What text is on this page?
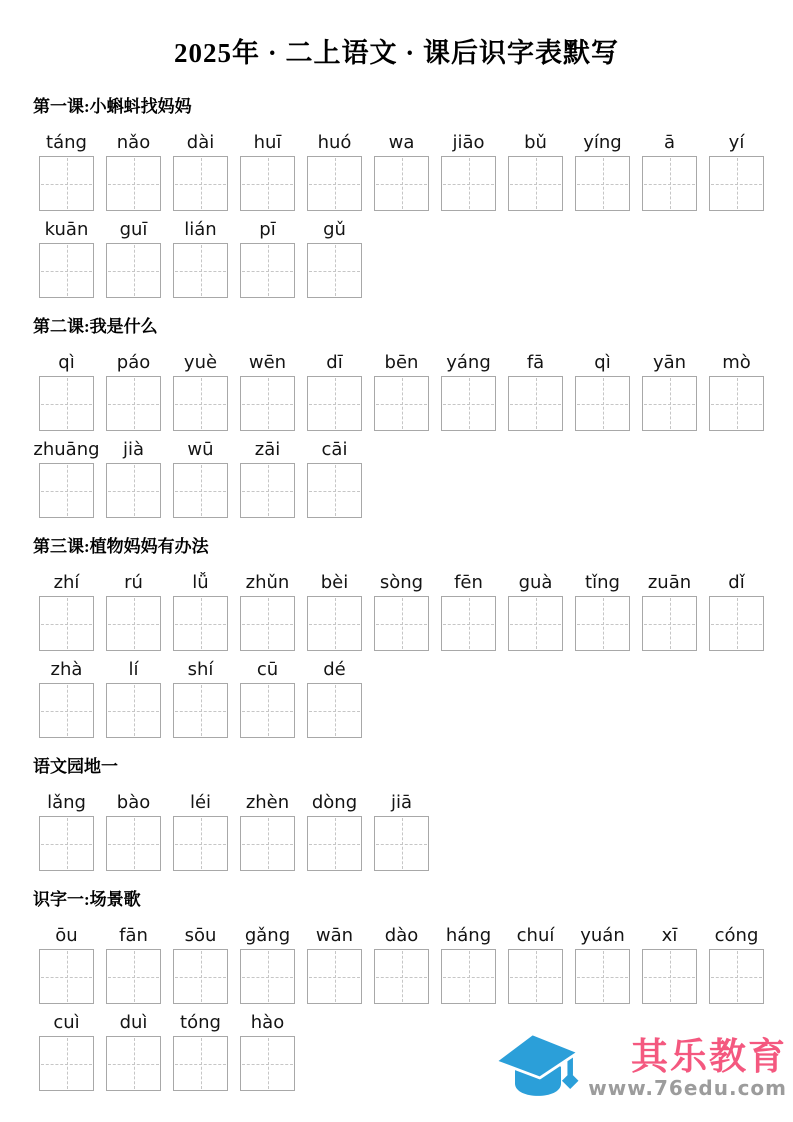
2025年 · 二上语文 · 课后识字表默写
第一课:小蝌蚪找妈妈
táng nǎo dài huī huó wa jiāo bǔ yíng ā	yí
kuān guī lián pī	gǔ
第二课:我是什么
qì páo yuè wēn dī bēn yáng fā	qì yān mò
zhuāng jià wū zāi cāi
第三课:植物妈妈有办法
zhí rú	lǚ zhǔn bèi sòng fēn guà tǐng zuān dǐ
zhà	lí	shí cū	dé
语文园地一
lǎng bào léi zhèn dòng jiā
识字一:场景歌
ōu fān sōu gǎng wān dào háng chuí yuán xī cóng
cuì duì tóng hào
其乐教育
www.76edu.com
